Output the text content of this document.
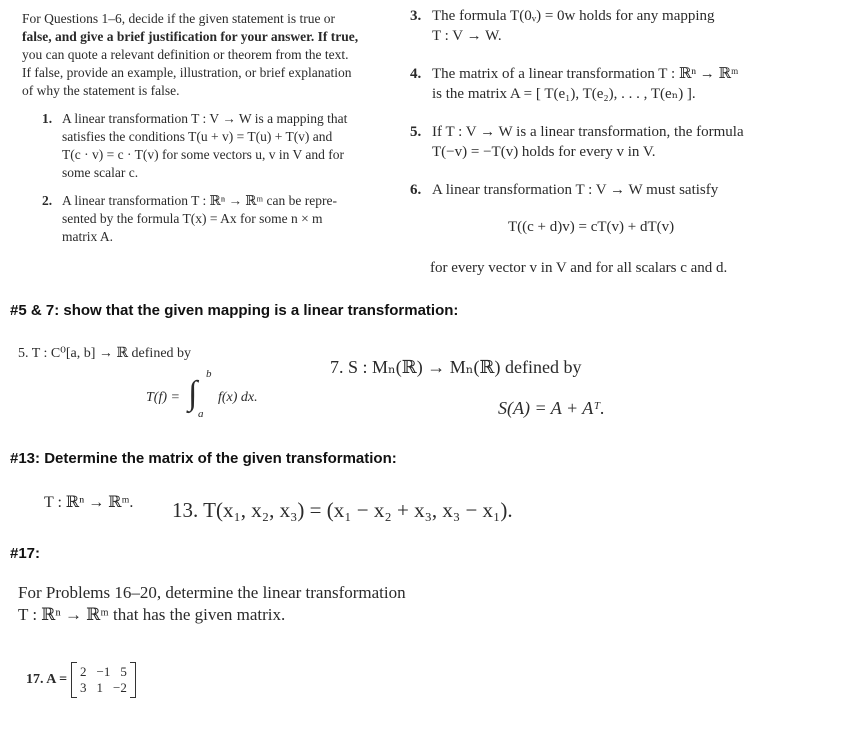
For Questions 1–6, decide if the given statement is true or
false, and give a brief justification for your answer. If true,
you can quote a relevant definition or theorem from the text.
If false, provide an example, illustration, or brief explanation
of why the statement is false.
1. A linear transformation T : V → W is a mapping that
satisfies the conditions T(u + v) = T(u) + T(v) and
T(c · v) = c · T(v) for some vectors u, v in V and for
some scalar c.
2. A linear transformation T : ℝⁿ → ℝᵐ can be repre-
sented by the formula T(x) = Ax for some n × m
matrix A.
3. The formula T(0ᵥ) = 0ᴡ holds for any mapping
T : V → W.
4. The matrix of a linear transformation T : ℝⁿ → ℝᵐ
is the matrix A = [ T(e₁), T(e₂), . . . , T(eₙ) ].
5. If T : V → W is a linear transformation, the formula
T(−v) = −T(v) holds for every v in V.
6. A linear transformation T : V → W must satisfy
T((c + d)v) = cT(v) + dT(v)
for every vector v in V and for all scalars c and d.
#5 & 7: show that the given mapping is a linear transformation:
5. T : C⁰[a, b] → ℝ defined by
T(f) = ∫
b
a
f(x) dx.
7. S : Mₙ(ℝ) → Mₙ(ℝ) defined by
S(A) = A + Aᵀ.
#13: Determine the matrix of the given transformation:
T : ℝⁿ → ℝᵐ. 13. T(x₁, x₂, x₃) = (x₁ − x₂ + x₃, x₃ − x₁).
#17:
For Problems 16–20, determine the linear transformation
T : ℝⁿ → ℝᵐ that has the given matrix.
17. A =
2 −1 5
3 1 −2
